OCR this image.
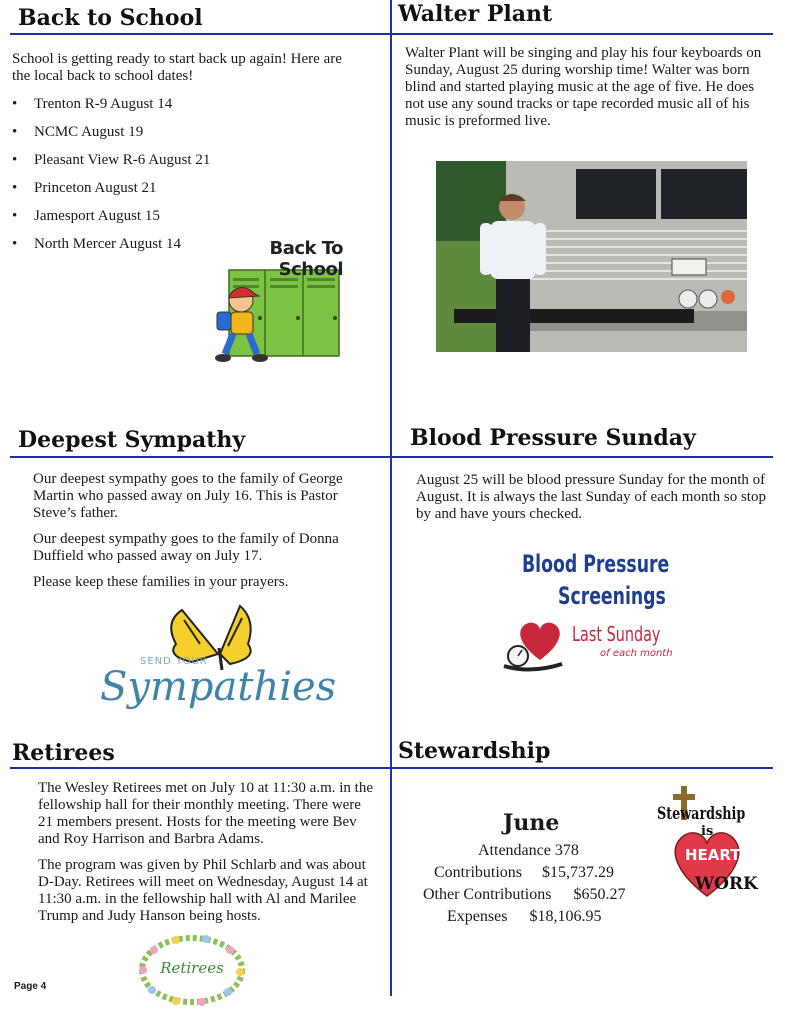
Back to School
School is getting ready to start back up again! Here are the local back to school dates!
• Trenton R-9 August 14
• NCMC August 19
• Pleasant View R-6 August 21
• Princeton August 21
• Jamesport August 15
• North Mercer August 14	Back To School
Walter Plant
Walter Plant will be singing and play his four keyboards on Sunday, August 25 during worship time! Walter was born blind and started playing music at the age of five. He does not use any sound tracks or tape recorded music all of his music is preformed live.
Deepest Sympathy

Our deepest sympathy goes to the family of George Martin who passed away on July 16. This is Pastor Steve’s father.

Our deepest sympathy goes to the family of Donna Duffield who passed away on July 17.

Please keep these families in your prayers.

SEND YOUR
Sympathies
Blood Pressure Sunday
August 25 will be blood pressure Sunday for the month of August. It is always the last Sunday of each month so stop by and have yours checked.
Blood Pressure
Screenings
Last Sunday
of each month
Retirees

The Wesley Retirees met on July 10 at 11:30 a.m. in the fellowship hall for their monthly meeting. There were 21 members present. Hosts for the meeting were Bev and Roy Harrison and Barbra Adams.

The program was given by Phil Schlarb and was about D-Day. Retirees will meet on Wednesday, August 14 at 11:30 a.m. in the fellowship hall with Al and Marilee Trump and Judy Hanson being hosts.

Retirees
Stewardship
June
Attendance 378
Contributions $15,737.29
Other Contributions $650.27
Expenses $18,106.95
Stewardship
is
HEART
WORK
Page 4
